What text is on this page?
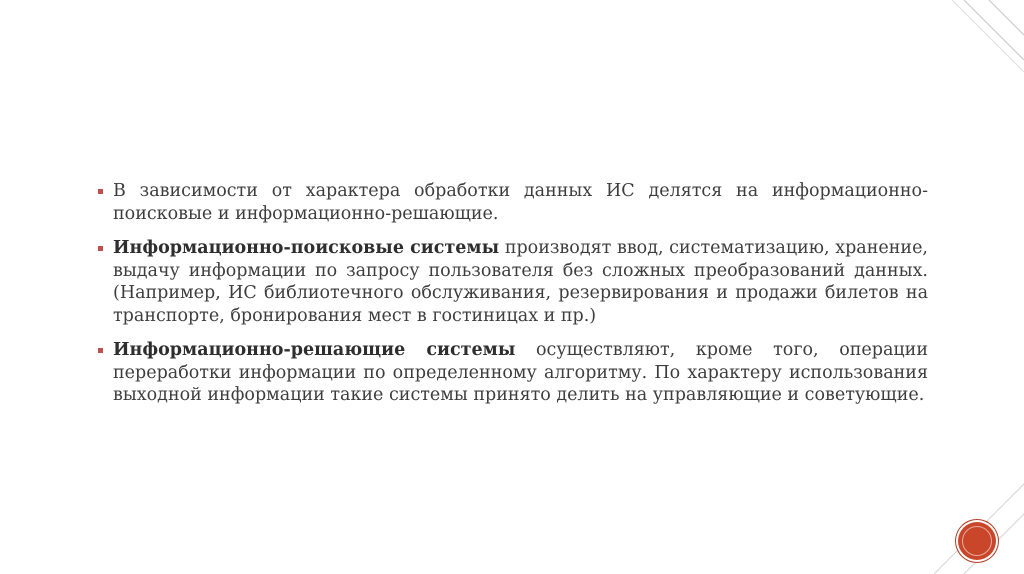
В зависимости от характера обработки данных ИС делятся на информационно-поисковые и информационно-решающие.
Информационно-поисковые системы производят ввод, систематизацию, хранение, выдачу информации по запросу пользователя без сложных преобразований данных. (Например, ИС библиотечного обслуживания, резервирования и продажи билетов на транспорте, бронирования мест в гостиницах и пр.)
Информационно-решающие системы осуществляют, кроме того, операции переработки информации по определенному алгоритму. По характеру использования выходной информации такие системы принято делить на управляющие и советующие.
